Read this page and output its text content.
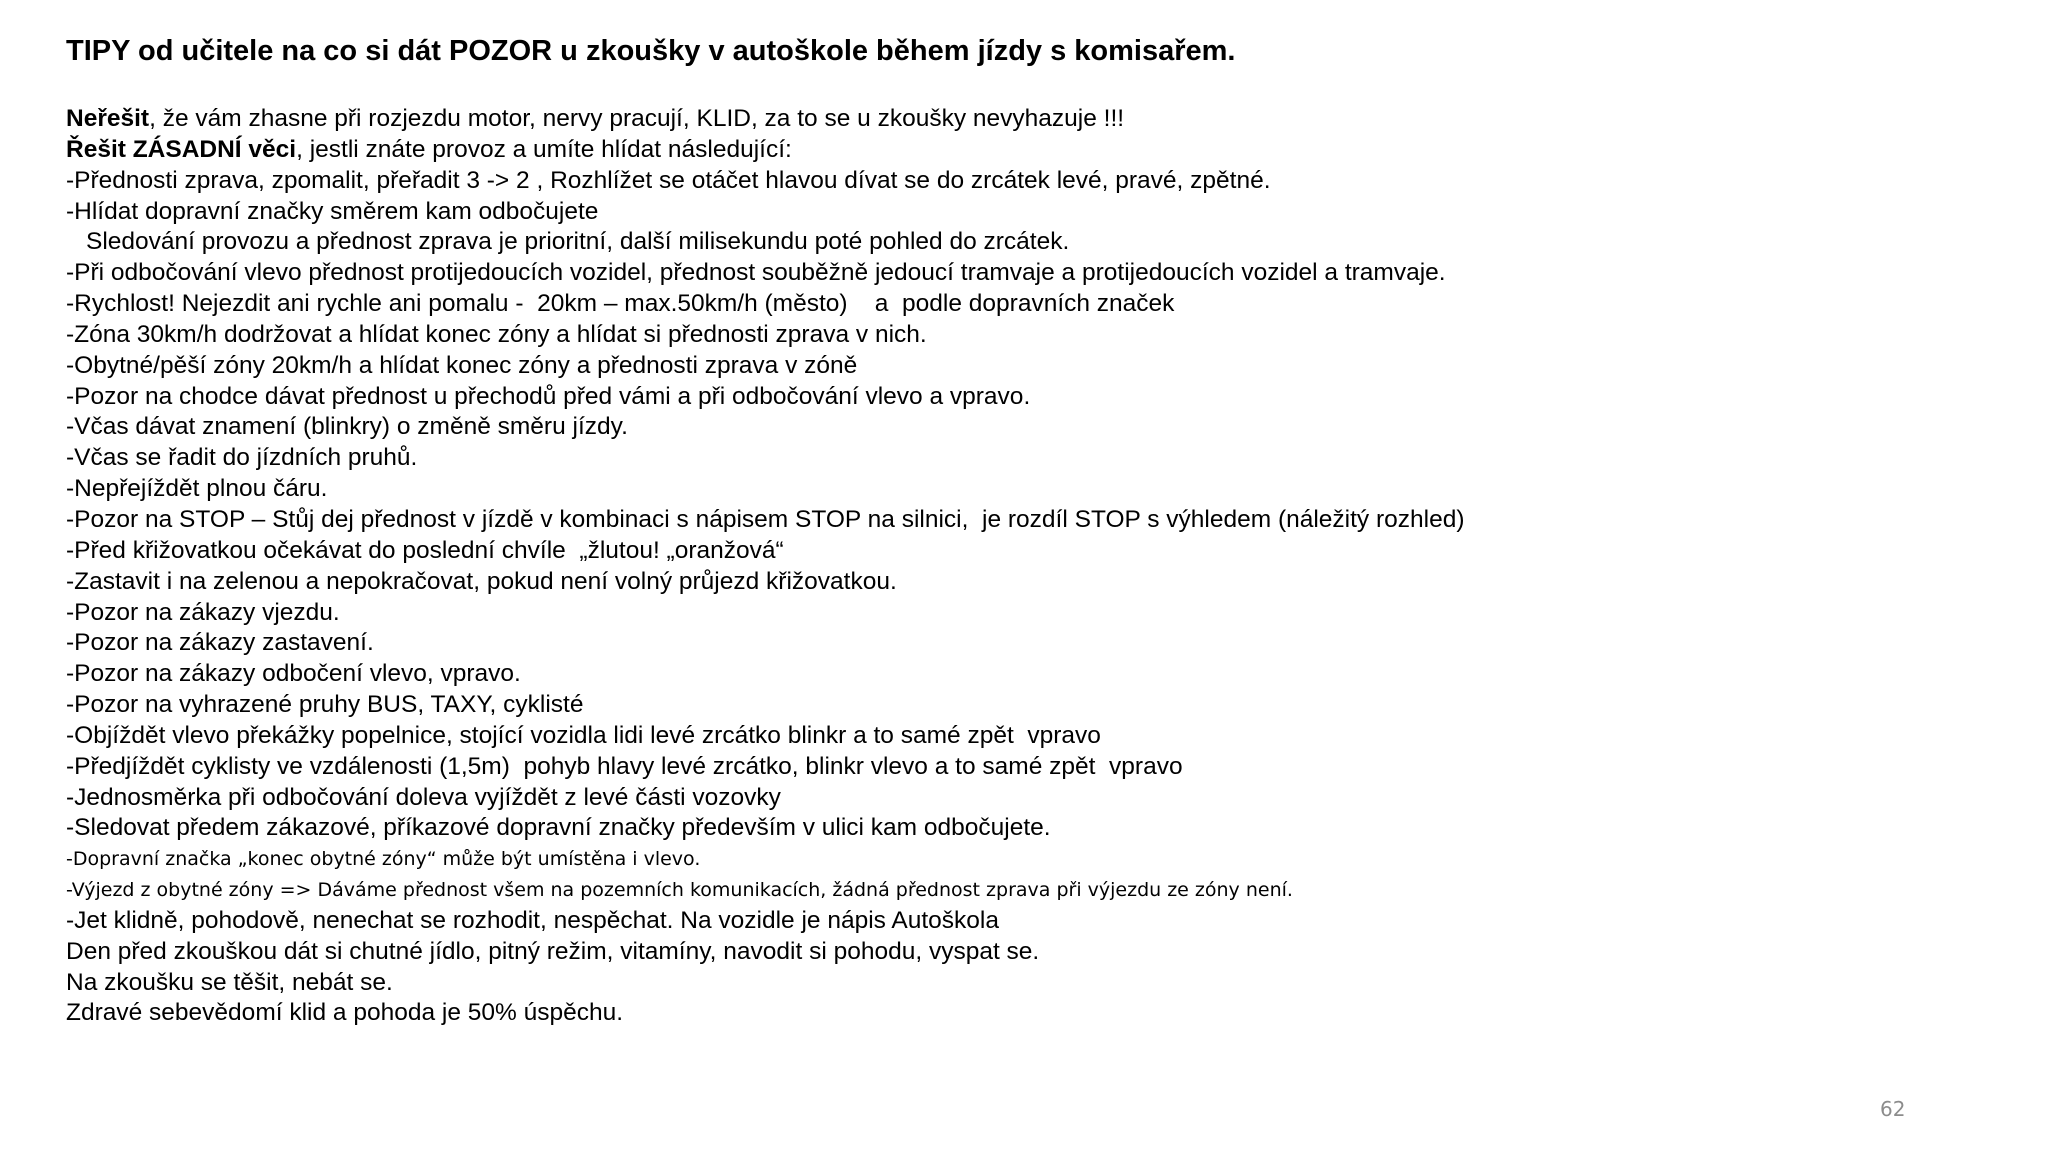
TIPY od učitele na co si dát POZOR u zkoušky v autoškole během jízdy s komisařem.
Neřešit, že vám zhasne při rozjezdu motor, nervy pracují, KLID, za to se u zkoušky nevyhazuje !!!
Řešit ZÁSADNÍ věci, jestli znáte provoz a umíte hlídat následující:
-Přednosti zprava, zpomalit, přeřadit 3 -> 2 , Rozhlížet se otáčet hlavou dívat se do zrcátek levé, pravé, zpětné.
-Hlídat dopravní značky směrem kam odbočujete
Sledování provozu a přednost zprava je prioritní, další milisekundu poté pohled do zrcátek.
-Při odbočování vlevo přednost protijedoucích vozidel, přednost souběžně jedoucí tramvaje a protijedoucích vozidel a tramvaje.
-Rychlost! Nejezdit ani rychle ani pomalu -  20km – max.50km/h (město)    a  podle dopravních značek
-Zóna 30km/h dodržovat a hlídat konec zóny a hlídat si přednosti zprava v nich.
-Obytné/pěší zóny 20km/h a hlídat konec zóny a přednosti zprava v zóně
-Pozor na chodce dávat přednost u přechodů před vámi a při odbočování vlevo a vpravo.
-Včas dávat znamení (blinkry) o změně směru jízdy.
-Včas se řadit do jízdních pruhů.
-Nepřejíždět plnou čáru.
-Pozor na STOP – Stůj dej přednost v jízdě v kombinaci s nápisem STOP na silnici,  je rozdíl STOP s výhledem (náležitý rozhled)
-Před křižovatkou očekávat do poslední chvíle  „žlutou! „oranžová“
-Zastavit i na zelenou a nepokračovat, pokud není volný průjezd křižovatkou.
-Pozor na zákazy vjezdu.
-Pozor na zákazy zastavení.
-Pozor na zákazy odbočení vlevo, vpravo.
-Pozor na vyhrazené pruhy BUS, TAXY, cyklisté
-Objíždět vlevo překážky popelnice, stojící vozidla lidi levé zrcátko blinkr a to samé zpět  vpravo
-Předjíždět cyklisty ve vzdálenosti (1,5m)  pohyb hlavy levé zrcátko, blinkr vlevo a to samé zpět  vpravo
-Jednosměrka při odbočování doleva vyjíždět z levé části vozovky
-Sledovat předem zákazové, příkazové dopravní značky především v ulici kam odbočujete.
-Dopravní značka „konec obytné zóny“ může být umístěna i vlevo.
-Výjezd z obytné zóny => Dáváme přednost všem na pozemních komunikacích, žádná přednost zprava při výjezdu ze zóny není.
-Jet klidně, pohodově, nenechat se rozhodit, nespěchat. Na vozidle je nápis Autoškola
Den před zkouškou dát si chutné jídlo, pitný režim, vitamíny, navodit si pohodu, vyspat se.
Na zkoušku se těšit, nebát se.
Zdravé sebevědomí klid a pohoda je 50% úspěchu.
62
